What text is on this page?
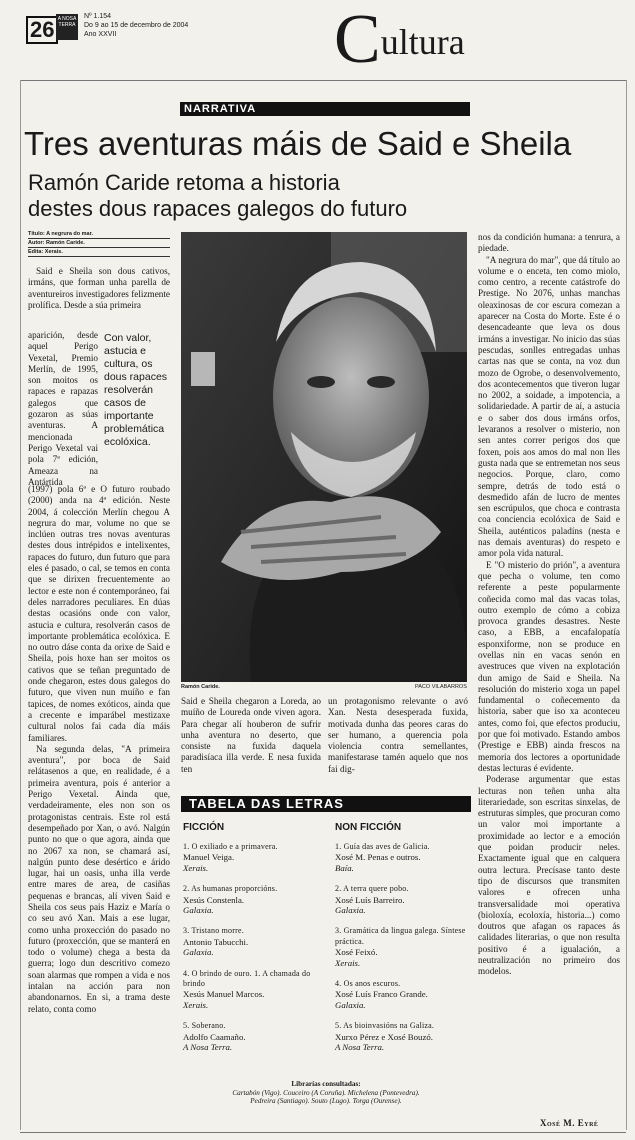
26 A NOSA TERRA
Nº 1.154
Do 9 ao 15 de decembro de 2004
Ano XXVII	Cultura
NARRATIVA
Tres aventuras máis de Said e Sheila
Ramón Caride retoma a historia
destes dous rapaces galegos do futuro
Título: A negrura do mar.
Autor: Ramón Caride.
Edita: Xerais.

Said e Sheila son dous cativos, irmáns, que forman unha parella de aventureiros investigadores felizmente prolífica. Desde a súa primeira

aparición, desde aquel Perigo Vexetal, Premio Merlín, de 1995, son moitos os rapaces e rapazas galegos que gozaron as súas aventuras. A mencionada Perigo Vexetal vai pola 7ª edición, Ameaza na Antártida

Con valor, astucia e cultura, os dous rapaces resolverán casos de importante problemática ecolóxica.

(1997) pola 6ª e O futuro roubado (2000) anda na 4ª edición. Neste 2004, á colección Merlín chegou A negrura do mar, volume no que se inclúen outras tres novas aventuras destes dous intrépidos e intelixentes, rapaces do futuro, dun futuro que para eles é pasado, o cal, se temos en conta que se dirixen frecuentemente ao lector e este non é contemporáneo, fai deles narradores peculiares. En dúas destas ocasións onde con valor, astucia e cultura, resolverán casos de importante problemática ecolóxica. E no outro dáse conta da orixe de Said e Sheila, pois hoxe han ser moitos os cativos que se teñan preguntado de onde chegaron, estes dous galegos do futuro, que viven nun muíño e fan tapices, de nomes exóticos, ainda que a crecente e imparábel mestizaxe cultural nolos fai cada día máis familiares.

Na segunda delas, "A primeira aventura", por boca de Said relátasenos a que, en realidade, é a primeira aventura, pois é anterior a Perigo Vexetal. Ainda que, verdadeiramente, eles non son os protagonistas centrais. Este rol está desempeñado por Xan, o avó. Nalgún punto no que o que agora, ainda que no 2067 xa non, se chamará así, nalgún punto dese desértico e árido lugar, hai un oasis, unha illa verde entre mares de area, de casiñas pequenas e brancas, alí viven Said e Sheila cos seus pais Haziz e María o co seu avó Xan. Mais a ese lugar, como unha proxección do pasado no futuro (proxección, que se manterá en todo o volume) chega a besta da guerra; logo dun descritivo comezo soan alarmas que rompen a vida e nos intalan na acción para non abandonarnos. En si, a trama deste relato, conta como

Ramón Caride.	PACO VILABARROS

Said e Sheila chegaron a Loreda, ao muíño de Loureda onde viven agora. Para chegar alí houberon de sufrir unha aventura no deserto, que consiste na fuxida daquela paradisíaca illa verde. E nesa fuxida ten

un protagonismo relevante o avó Xan. Nesta desesperada fuxida, motivada dunha das peores caras do ser humano, a querencia pola violencia contra semellantes, manifestarase tamén aquelo que nos fai dig-

nos da condición humana: a tenrura, a piedade.

"A negrura do mar", que dá título ao volume e o enceta, ten como miolo, como centro, a recente catástrofe do Prestige. No 2076, unhas manchas oleaxinosas de cor escura comezan a aparecer na Costa do Morte. Este é o desencadeante que leva os dous irmáns a investigar. No inicio das súas pescudas, sonlles entregadas unhas cartas nas que se conta, na voz dun mozo de Ogrobe, o desenvolvemento, dos acontecementos que tiveron lugar no 2002, a soidade, a impotencia, a solidariedade. A partir de aí, a astucia e o saber dos dous irmáns orfos, levaranos a resolver o misterio, non sen antes correr perigos dos que foxen, pois aos amos do mal non lles gusta nada que se entremetan nos seus negocios. Porque, claro, como sempre, detrás de todo está o desmedido afán de lucro de mentes sen escrúpulos, que choca e contrasta coa conciencia ecolóxica de Said e Sheila, auténticos paladíns (nesta e nas demais aventuras) do respeto e amor pola vida natural.

E "O misterio do prión", a aventura que pecha o volume, ten como referente a peste popularmente coñecida como mal das vacas tolas, outro exemplo de cómo a cobiza provoca grandes desastres. Neste caso, a EBB, a encafalopatía esponxiforme, non se produce en ovellas nin en vacas senón en avestruces que viven na explotación dun amigo de Said e Sheila. Na resolución do misterio xoga un papel fundamental o coñecemento da historia, saber que iso xa aconteceu antes, como foi, que efectos produciu, por que foi motivado. Estando ambos (Prestige e EBB) ainda frescos na memoria dos lectores a oportunidade destas lecturas é evidente.

Poderase argumentar que estas lecturas non teñen unha alta literariedade, son escritas sinxelas, de estruturas simples, que procuran como un valor moi importante a proximidade ao lector e a emoción que poidan producir neles. Exactamente igual que en calquera outra lectura. Precísase tanto deste tipo de discursos que transmiten valores e ofrecen unha transversalidade moi operativa (bioloxía, ecoloxía, historia...) como doutros que afagan os rapaces ás calidades literarias, o que non resulta positivo é a igualación, a neutralización no primeiro dos modelos.

TABELA DAS LETRAS
FICCIÓN	NON FICCIÓN
1. O exiliado e a primavera.
Manuel Veiga.
Xerais.
2. As humanas proporcións.
Xesús Constenla.
Galaxia.
3. Tristano morre.
Antonio Tabucchi.
Galaxia.
4. O brindo de ouro. 1. A chamada do brindo
Xesús Manuel Marcos.
Xerais.
5. Soberano.
Adolfo Caamaño.
A Nosa Terra.
1. Guía das aves de Galicia.
Xosé M. Penas e outros.
Baía.
2. A terra quere pobo.
Xosé Luís Barreiro.
Galaxia.
3. Gramática da lingua galega. Síntese práctica.
Xosé Feixó.
Xerais.
4. Os anos escuros.
Xosé Luís Franco Grande.
Galaxia.
5. As bioinvasións na Galiza.
Xurxo Pérez e Xosé Bouzó.
A Nosa Terra.
Librarías consultadas:
Cartabón (Vigo). Couceiro (A Coruña). Michelena (Pontevedra).
Pedreira (Santiago). Souto (Lugo). Torga (Ourense).
Xosé M. Eyré
